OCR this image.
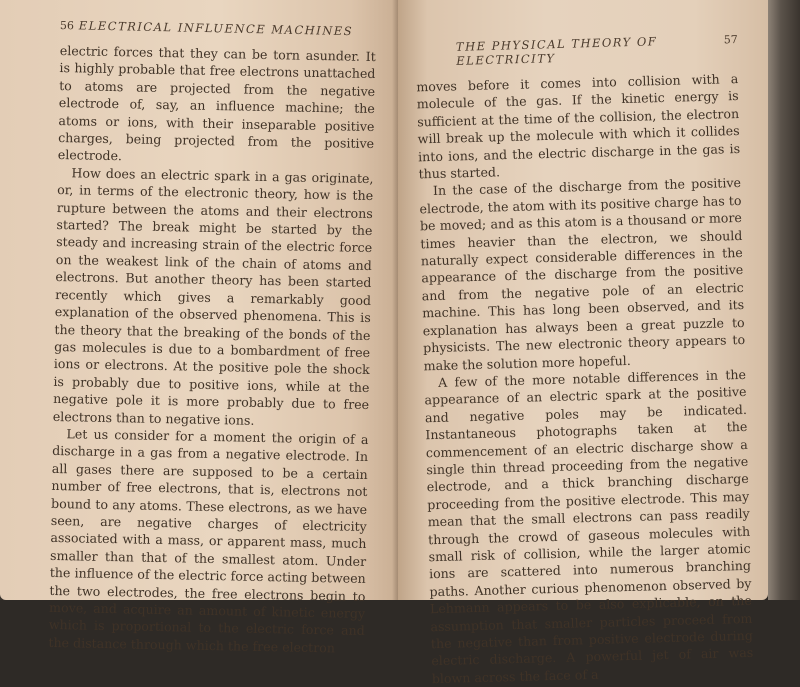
56 ELECTRICAL INFLUENCE MACHINES

electric forces that they can be torn asunder. It is highly probable that free electrons unattached to atoms are projected from the negative electrode of, say, an influence machine; the atoms or ions, with their inseparable positive charges, being projected from the positive electrode.

How does an electric spark in a gas originate, or, in terms of the electronic theory, how is the rupture between the atoms and their electrons started? The break might be started by the steady and increasing strain of the electric force on the weakest link of the chain of atoms and electrons. But another theory has been started recently which gives a remarkably good explanation of the observed phenomena. This is the theory that the breaking of the bonds of the gas molecules is due to a bombardment of free ions or electrons. At the positive pole the shock is probably due to positive ions, while at the negative pole it is more probably due to free electrons than to negative ions.

Let us consider for a moment the origin of a discharge in a gas from a negative electrode. In all gases there are supposed to be a certain number of free electrons, that is, electrons not bound to any atoms. These electrons, as we have seen, are negative charges of electricity associated with a mass, or apparent mass, much smaller than that of the smallest atom. Under the influence of the electric force acting between the two electrodes, the free electrons begin to move, and acquire an amount of kinetic energy which is proportional to the electric force and the distance through which the free electron

THE PHYSICAL THEORY OF ELECTRICITY
57

moves before it comes into collision with a molecule of the gas. If the kinetic energy is sufficient at the time of the collision, the electron will break up the molecule with which it collides into ions, and the electric discharge in the gas is thus started.

In the case of the discharge from the positive electrode, the atom with its positive charge has to be moved; and as this atom is a thousand or more times heavier than the electron, we should naturally expect considerable differences in the appearance of the discharge from the positive and from the negative pole of an electric machine. This has long been observed, and its explanation has always been a great puzzle to physicists. The new electronic theory appears to make the solution more hopeful.

A few of the more notable differences in the appearance of an electric spark at the positive and negative poles may be indicated. Instantaneous photographs taken at the commencement of an electric discharge show a single thin thread proceeding from the negative electrode, and a thick branching discharge proceeding from the positive electrode. This may mean that the small electrons can pass readily through the crowd of gaseous molecules with small risk of collision, while the larger atomic ions are scattered into numerous branching paths. Another curious phenomenon observed by Lehmann appears to be also explicable, on the assumption that smaller particles proceed from the negative than from positive electrode during electric discharge. A powerful jet of air was blown across the face of a
